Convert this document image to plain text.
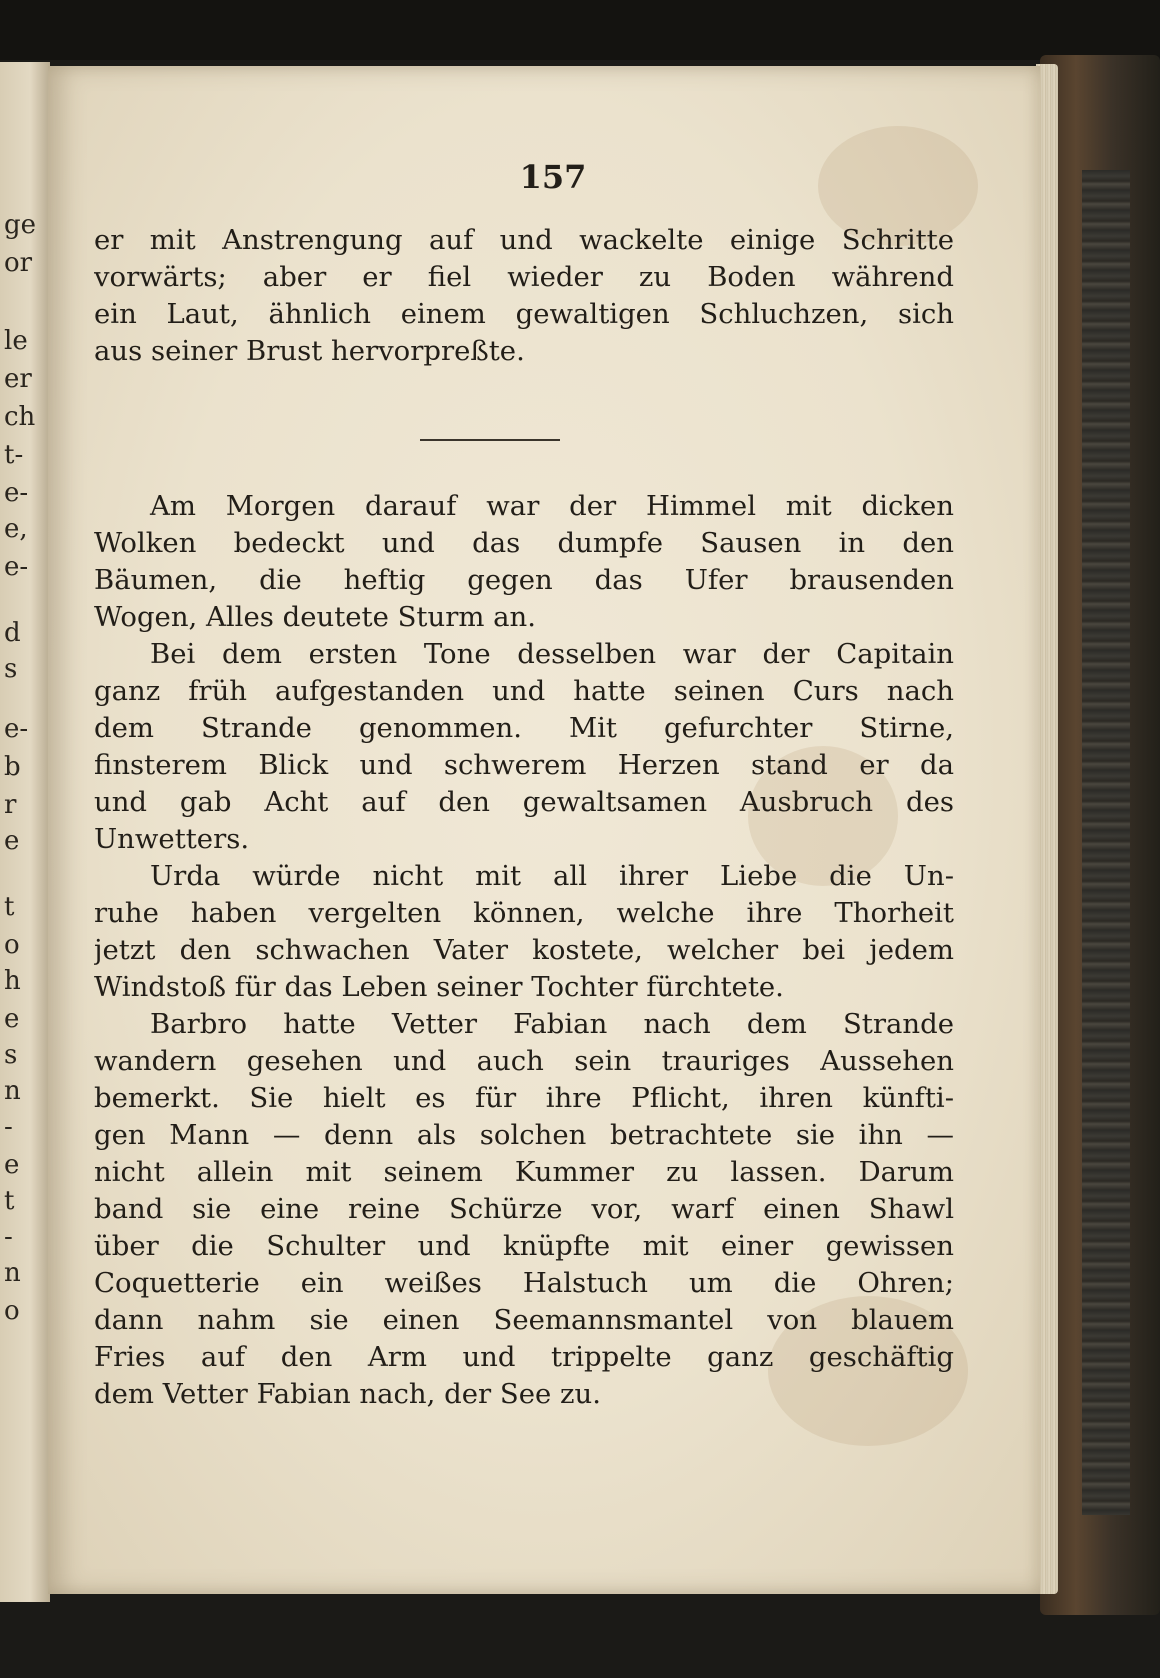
ge
or
le
er
ch
t-
e-
e,
e-
d
s
e-
b
r
e
t
o
h
e
s
n
-
e
t
-
n
o
157
er mit Anstrengung auf und wackelte einige Schritte
vorwärts; aber er fiel wieder zu Boden während
ein Laut, ähnlich einem gewaltigen Schluchzen, sich
aus seiner Brust hervorpreßte.
Am Morgen darauf war der Himmel mit dicken
Wolken bedeckt und das dumpfe Sausen in den
Bäumen, die heftig gegen das Ufer brausenden
Wogen, Alles deutete Sturm an.
Bei dem ersten Tone desselben war der Capitain
ganz früh aufgestanden und hatte seinen Curs nach
dem Strande genommen. Mit gefurchter Stirne,
finsterem Blick und schwerem Herzen stand er da
und gab Acht auf den gewaltsamen Ausbruch des
Unwetters.
Urda würde nicht mit all ihrer Liebe die Un-
ruhe haben vergelten können, welche ihre Thorheit
jetzt den schwachen Vater kostete, welcher bei jedem
Windstoß für das Leben seiner Tochter fürchtete.
Barbro hatte Vetter Fabian nach dem Strande
wandern gesehen und auch sein trauriges Aussehen
bemerkt. Sie hielt es für ihre Pflicht, ihren künfti-
gen Mann — denn als solchen betrachtete sie ihn —
nicht allein mit seinem Kummer zu lassen. Darum
band sie eine reine Schürze vor, warf einen Shawl
über die Schulter und knüpfte mit einer gewissen
Coquetterie ein weißes Halstuch um die Ohren;
dann nahm sie einen Seemannsmantel von blauem
Fries auf den Arm und trippelte ganz geschäftig
dem Vetter Fabian nach, der See zu.
